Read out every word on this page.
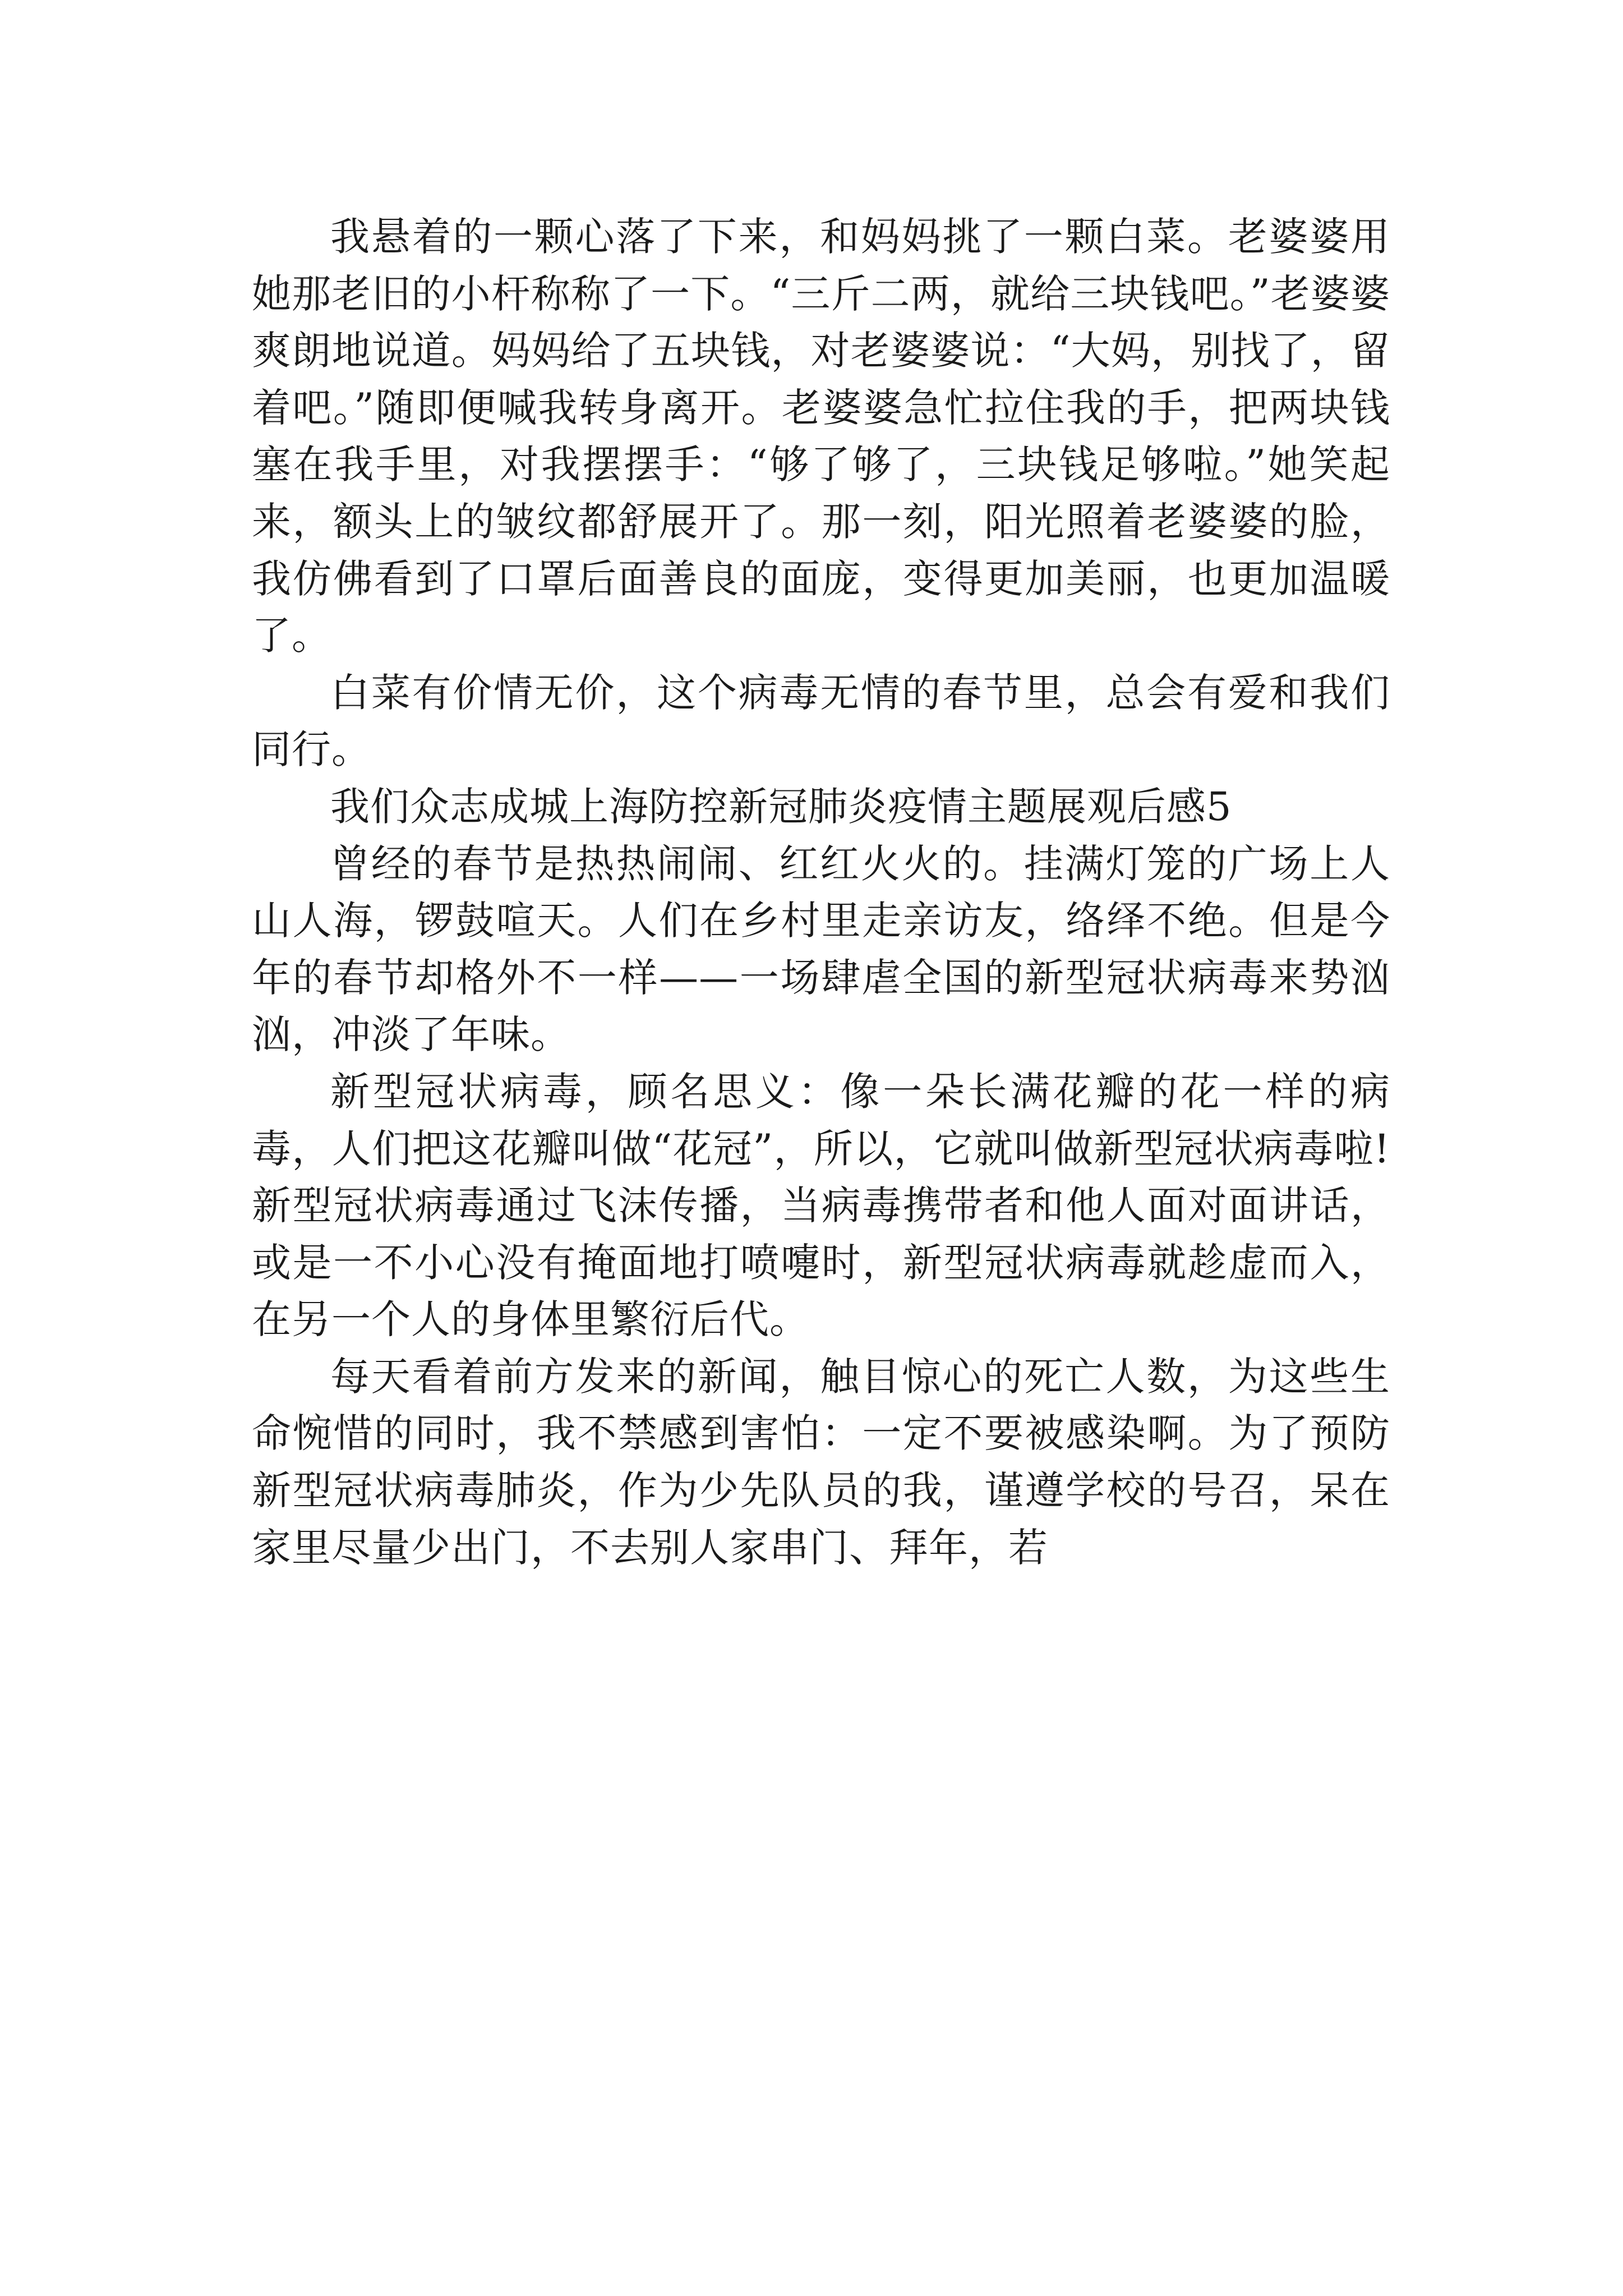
我悬着的一颗心落了下来，和妈妈挑了一颗白菜。老婆婆用她那老旧的小杆称称了一下。“三斤二两，就给三块钱吧。”老婆婆爽朗地说道。妈妈给了五块钱，对老婆婆说：“大妈，别找了，留着吧。”随即便喊我转身离开。老婆婆急忙拉住我的手，把两块钱塞在我手里，对我摆摆手：“够了够了，三块钱足够啦。”她笑起来，额头上的皱纹都舒展开了。那一刻，阳光照着老婆婆的脸，我仿佛看到了口罩后面善良的面庞，变得更加美丽，也更加温暖了。

白菜有价情无价，这个病毒无情的春节里，总会有爱和我们同行。

我们众志成城上海防控新冠肺炎疫情主题展观后感5

曾经的春节是热热闹闹、红红火火的。挂满灯笼的广场上人山人海，锣鼓喧天。人们在乡村里走亲访友，络绎不绝。但是今年的春节却格外不一样——一场肆虐全国的新型冠状病毒来势汹汹，冲淡了年味。

新型冠状病毒，顾名思义：像一朵长满花瓣的花一样的病毒，人们把这花瓣叫做“花冠”，所以，它就叫做新型冠状病毒啦!新型冠状病毒通过飞沫传播，当病毒携带者和他人面对面讲话，或是一不小心没有掩面地打喷嚏时，新型冠状病毒就趁虚而入，在另一个人的身体里繁衍后代。

每天看着前方发来的新闻，触目惊心的死亡人数，为这些生命惋惜的同时，我不禁感到害怕：一定不要被感染啊。为了预防新型冠状病毒肺炎，作为少先队员的我，谨遵学校的号召，呆在家里尽量少出门，不去别人家串门、拜年，若
